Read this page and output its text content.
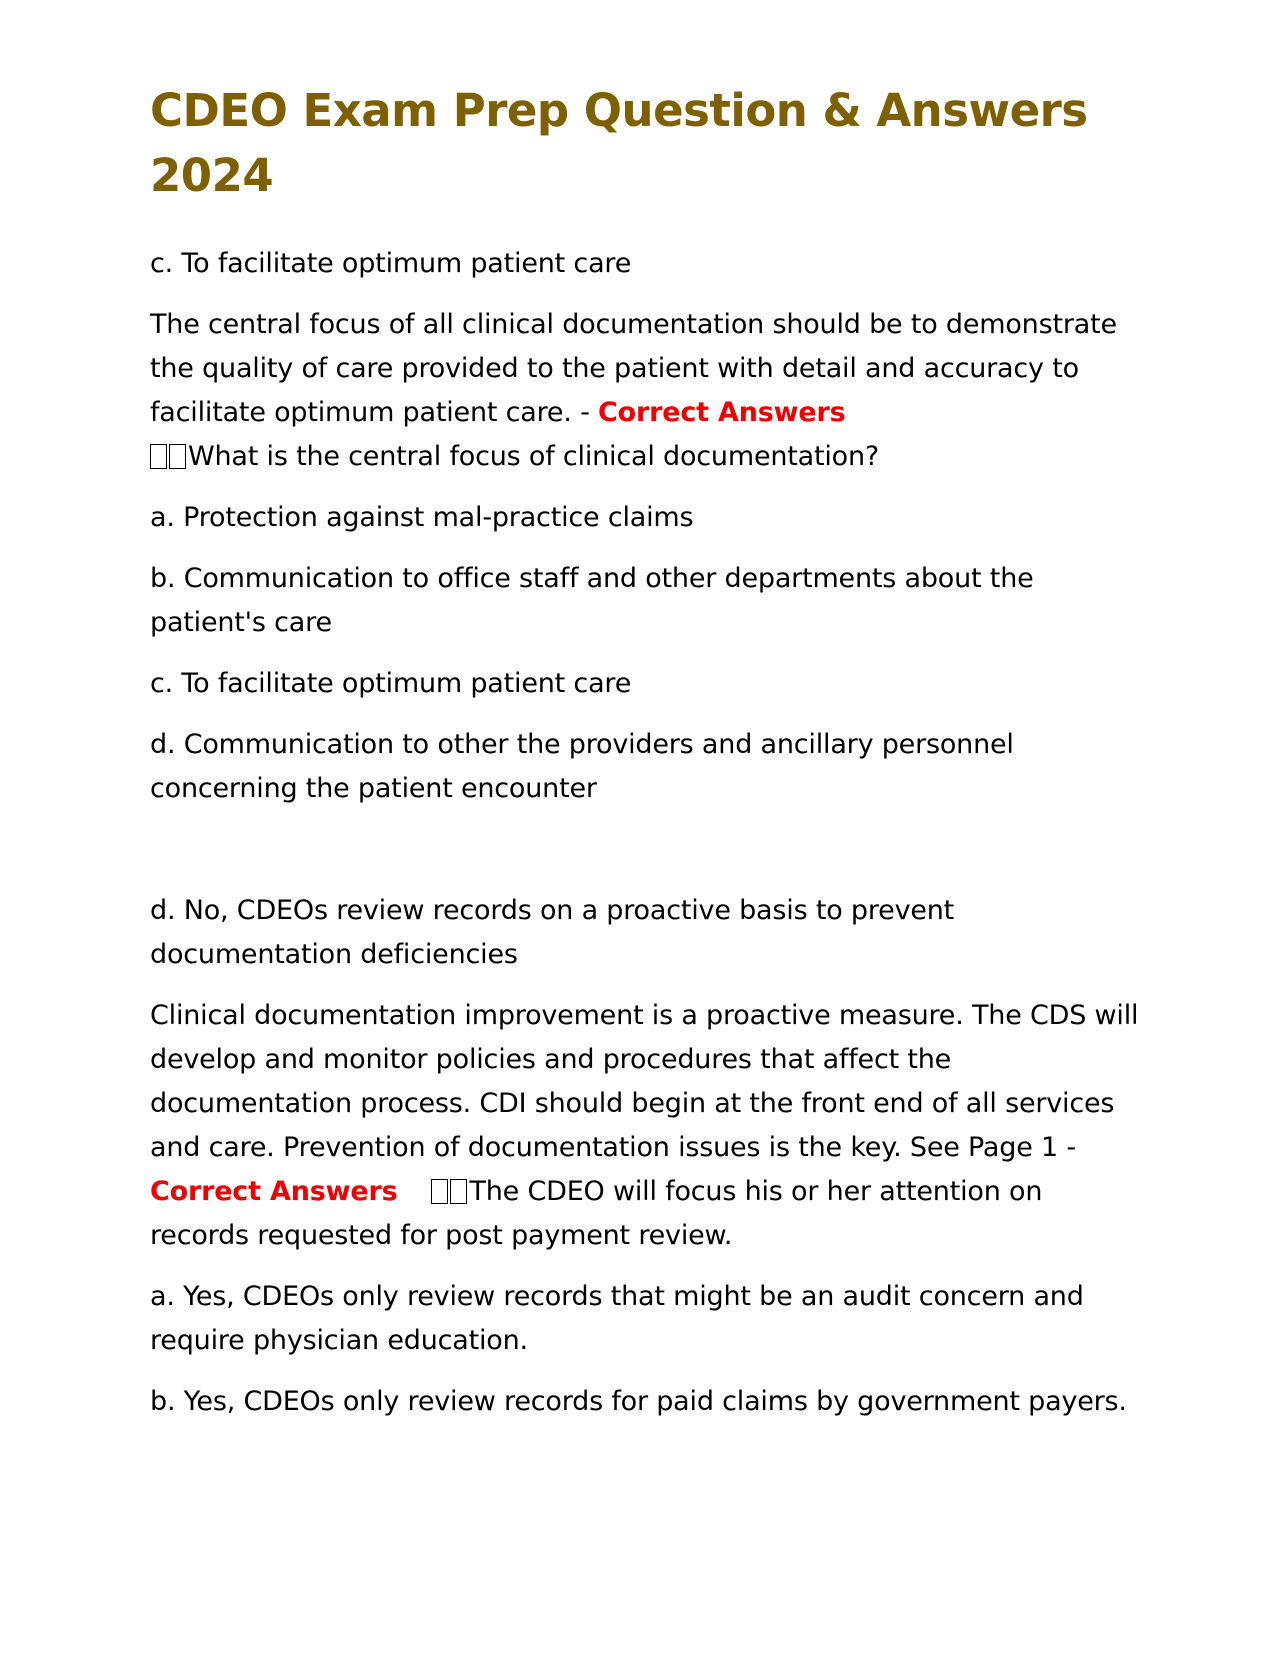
CDEO Exam Prep Question & Answers 2024

c. To facilitate optimum patient care

The central focus of all clinical documentation should be to demonstrate the quality of care provided to the patient with detail and accuracy to facilitate optimum patient care. - Correct Answers
What is the central focus of clinical documentation?

a. Protection against mal-practice claims

b. Communication to office staff and other departments about the patient's care

c. To facilitate optimum patient care

d. Communication to other the providers and ancillary personnel concerning the patient encounter

d. No, CDEOs review records on a proactive basis to prevent documentation deficiencies

Clinical documentation improvement is a proactive measure. The CDS will develop and monitor policies and procedures that affect the documentation process. CDI should begin at the front end of all services and care. Prevention of documentation issues is the key. See Page 1 -
Correct Answers	The CDEO will focus his or her attention on records requested for post payment review.

a. Yes, CDEOs only review records that might be an audit concern and require physician education.

b. Yes, CDEOs only review records for paid claims by government payers.
